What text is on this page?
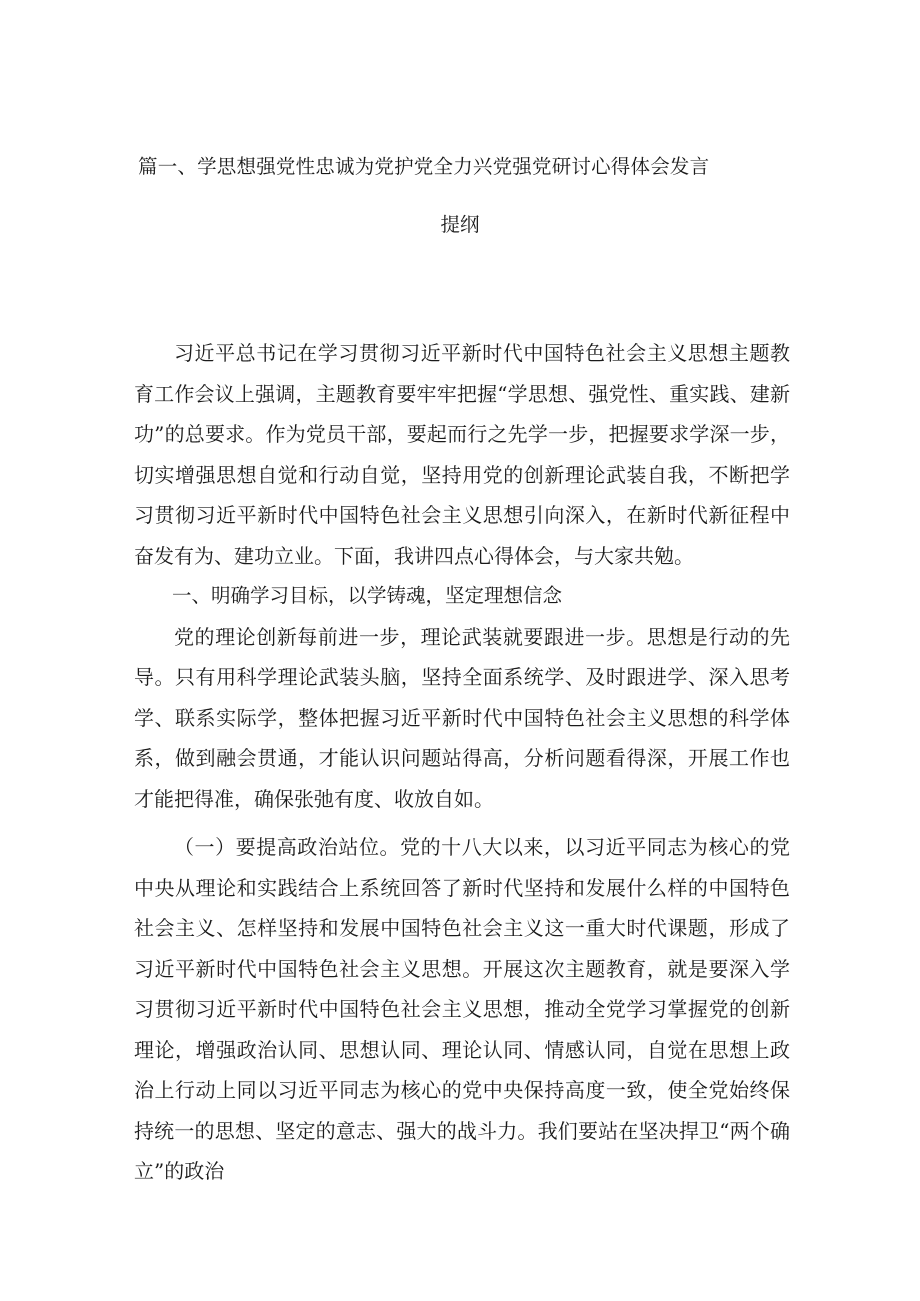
篇一、学思想强党性忠诚为党护党全力兴党强党研讨心得体会发言
提纲

习近平总书记在学习贯彻习近平新时代中国特色社会主义思想主题教育工作会议上强调，主题教育要牢牢把握“学思想、强党性、重实践、建新功”的总要求。作为党员干部，要起而行之先学一步，把握要求学深一步，切实增强思想自觉和行动自觉，坚持用党的创新理论武装自我，不断把学习贯彻习近平新时代中国特色社会主义思想引向深入，在新时代新征程中奋发有为、建功立业。下面，我讲四点心得体会，与大家共勉。

一、明确学习目标，以学铸魂，坚定理想信念

党的理论创新每前进一步，理论武装就要跟进一步。思想是行动的先导。只有用科学理论武装头脑，坚持全面系统学、及时跟进学、深入思考学、联系实际学，整体把握习近平新时代中国特色社会主义思想的科学体系，做到融会贯通，才能认识问题站得高，分析问题看得深，开展工作也才能把得准，确保张弛有度、收放自如。

（一）要提高政治站位。党的十八大以来，以习近平同志为核心的党中央从理论和实践结合上系统回答了新时代坚持和发展什么样的中国特色社会主义、怎样坚持和发展中国特色社会主义这一重大时代课题，形成了习近平新时代中国特色社会主义思想。开展这次主题教育，就是要深入学习贯彻习近平新时代中国特色社会主义思想，推动全党学习掌握党的创新理论，增强政治认同、思想认同、理论认同、情感认同，自觉在思想上政治上行动上同以习近平同志为核心的党中央保持高度一致，使全党始终保持统一的思想、坚定的意志、强大的战斗力。我们要站在坚决捍卫“两个确立”的政治
